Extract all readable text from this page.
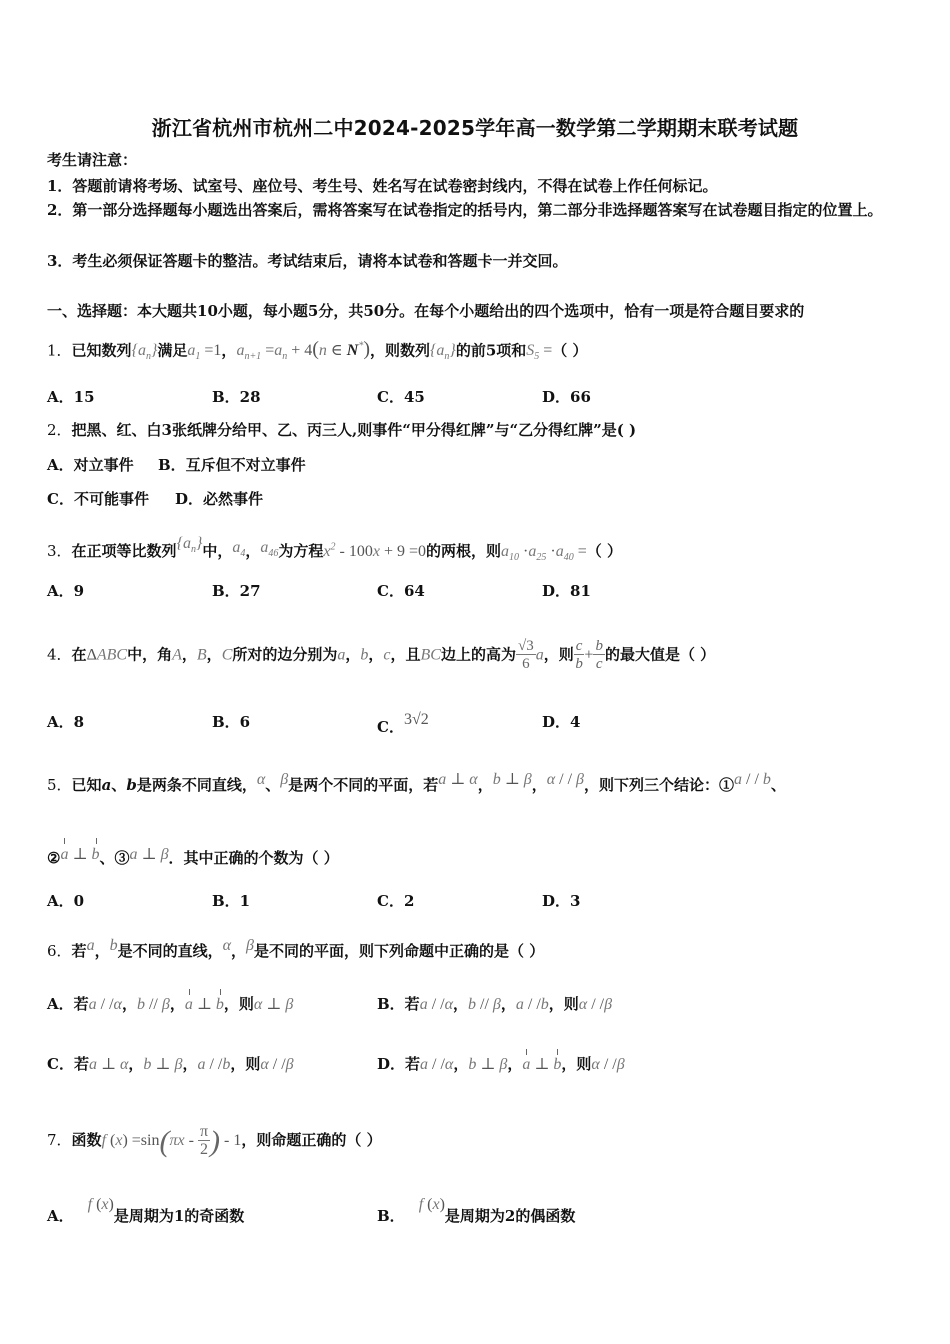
浙江省杭州市杭州二中2024-2025学年高一数学第二学期期末联考试题
考生请注意：
1．答题前请将考场、试室号、座位号、考生号、姓名写在试卷密封线内，不得在试卷上作任何标记。
2．第一部分选择题每小题选出答案后，需将答案写在试卷指定的括号内，第二部分非选择题答案写在试卷题目指定的位置上。
3．考生必须保证答题卡的整洁。考试结束后，请将本试卷和答题卡一并交回。
一、选择题：本大题共10小题，每小题5分，共50分。在每个小题给出的四个选项中，恰有一项是符合题目要求的
1．已知数列$\{a_n\}$满足$a_1 =1$，$a_{n+1} =a_n + 4(n$ ∈ N*)，则数列$\{a_n\}$的前5项和$S_5$ =（ ）
A．15	B．28	C．45	D．66
2．把黑、红、白3张纸牌分给甲、乙、丙三人,则事件“甲分得红牌”与“乙分得红牌”是( )
A．对立事件 B．互斥但不对立事件
C．不可能事件 D．必然事件
3．在正项等比数列$\{a_n\}$中，$a_4$，$a_{46}$为方程$x^2 - 100x + 9 =0$的两根，则$a_{10} \cdot a_{25} \cdot a_{40}$ =（ ）
A．9	B．27	C．64	D．81
4．在ΔABC中，角A，B，C所对的边分别为a，b，c，且BC边上的高为 $\frac{√3}{6}$ a，则 $\frac{c}{b} + \frac{b}{c}$ 的最大值是（ ）
A．8	B．6	C．3√2	D．4
5．已知a、b是两条不同直线，α、β是两个不同的平面，若a ⊥ α，b ⊥ β，α / / β，则下列三个结论：①a / / b、
②a ⊥ b、③a ⊥ β．其中正确的个数为（ ）
A．0	B．1	C．2	D．3
6．若a，b是不同的直线，α，β是不同的平面，则下列命题中正确的是（ ）
A．若a / /α，b // β，a ⊥ b，则α ⊥ β	B．若a / /α，b // β，a / /b，则α / /β
C．若a ⊥ α，b ⊥ β，a / /b，则α / /β	D．若a / /α，b ⊥ β，a ⊥ b，则α / /β
7．函数f $(x) =\sin(\pi x - \frac{\pi}{2}$ ) - 1，则命题正确的（ ）
A．f (x)是周期为1的奇函数	B．f (x)是周期为2的偶函数
